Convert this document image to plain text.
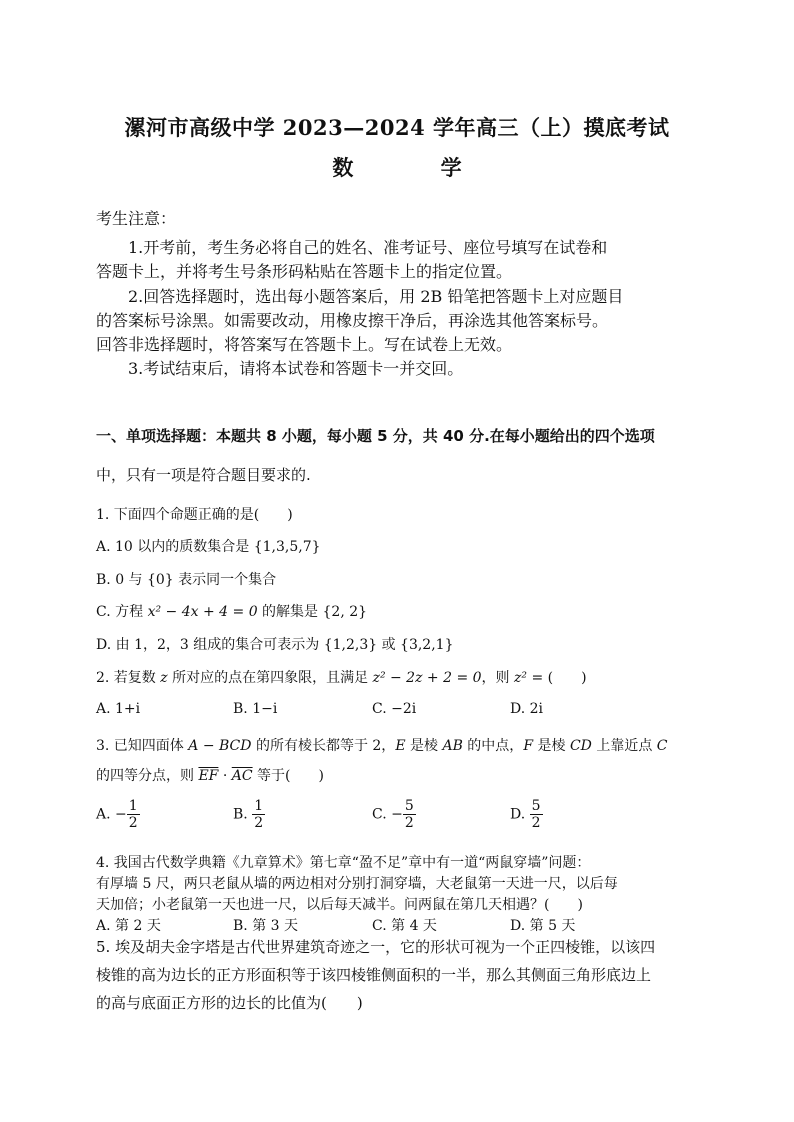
漯河市高级中学 2023—2024 学年高三（上）摸底考试
数 学
考生注意：
1.开考前，考生务必将自己的姓名、准考证号、座位号填写在试卷和
答题卡上，并将考生号条形码粘贴在答题卡上的指定位置。
2.回答选择题时，选出每小题答案后，用 2B 铅笔把答题卡上对应题目
的答案标号涂黑。如需要改动，用橡皮擦干净后，再涂选其他答案标号。
回答非选择题时，将答案写在答题卡上。写在试卷上无效。
3.考试结束后，请将本试卷和答题卡一并交回。
一、单项选择题：本题共 8 小题，每小题 5 分，共 40 分.在每小题给出的四个选项
中，只有一项是符合题目要求的.
1. 下面四个命题正确的是(　　)
A. 10 以内的质数集合是 {1,3,5,7}
B. 0 与 {0} 表示同一个集合
C. 方程 x² − 4x + 4 = 0 的解集是 {2, 2}
D. 由 1，2，3 组成的集合可表示为 {1,2,3} 或 {3,2,1}
2. 若复数 z 所对应的点在第四象限，且满足 z² − 2z + 2 = 0，则 z² = (　　)
A. 1+i	B. 1−i	C. −2i	D. 2i
3. 已知四面体 A − BCD 的所有棱长都等于 2，E 是棱 AB 的中点，F 是棱 CD 上靠近点 C
的四等分点，则 $\overline{EF} \cdot \overline{AC}$ 等于(　　)
A. − $\frac{1}{2}$	B. $\frac{1}{2}$	C. − $\frac{5}{2}$	D. $\frac{5}{2}$
4. 我国古代数学典籍《九章算术》第七章“盈不足”章中有一道“两鼠穿墙”问题：
有厚墙 5 尺，两只老鼠从墙的两边相对分别打洞穿墙，大老鼠第一天进一尺，以后每
天加倍；小老鼠第一天也进一尺，以后每天减半。问两鼠在第几天相遇？(　　)
A. 第 2 天	B. 第 3 天	C. 第 4 天	D. 第 5 天
5. 埃及胡夫金字塔是古代世界建筑奇迹之一，它的形状可视为一个正四棱锥，以该四
棱锥的高为边长的正方形面积等于该四棱锥侧面积的一半，那么其侧面三角形底边上
的高与底面正方形的边长的比值为(　　)
